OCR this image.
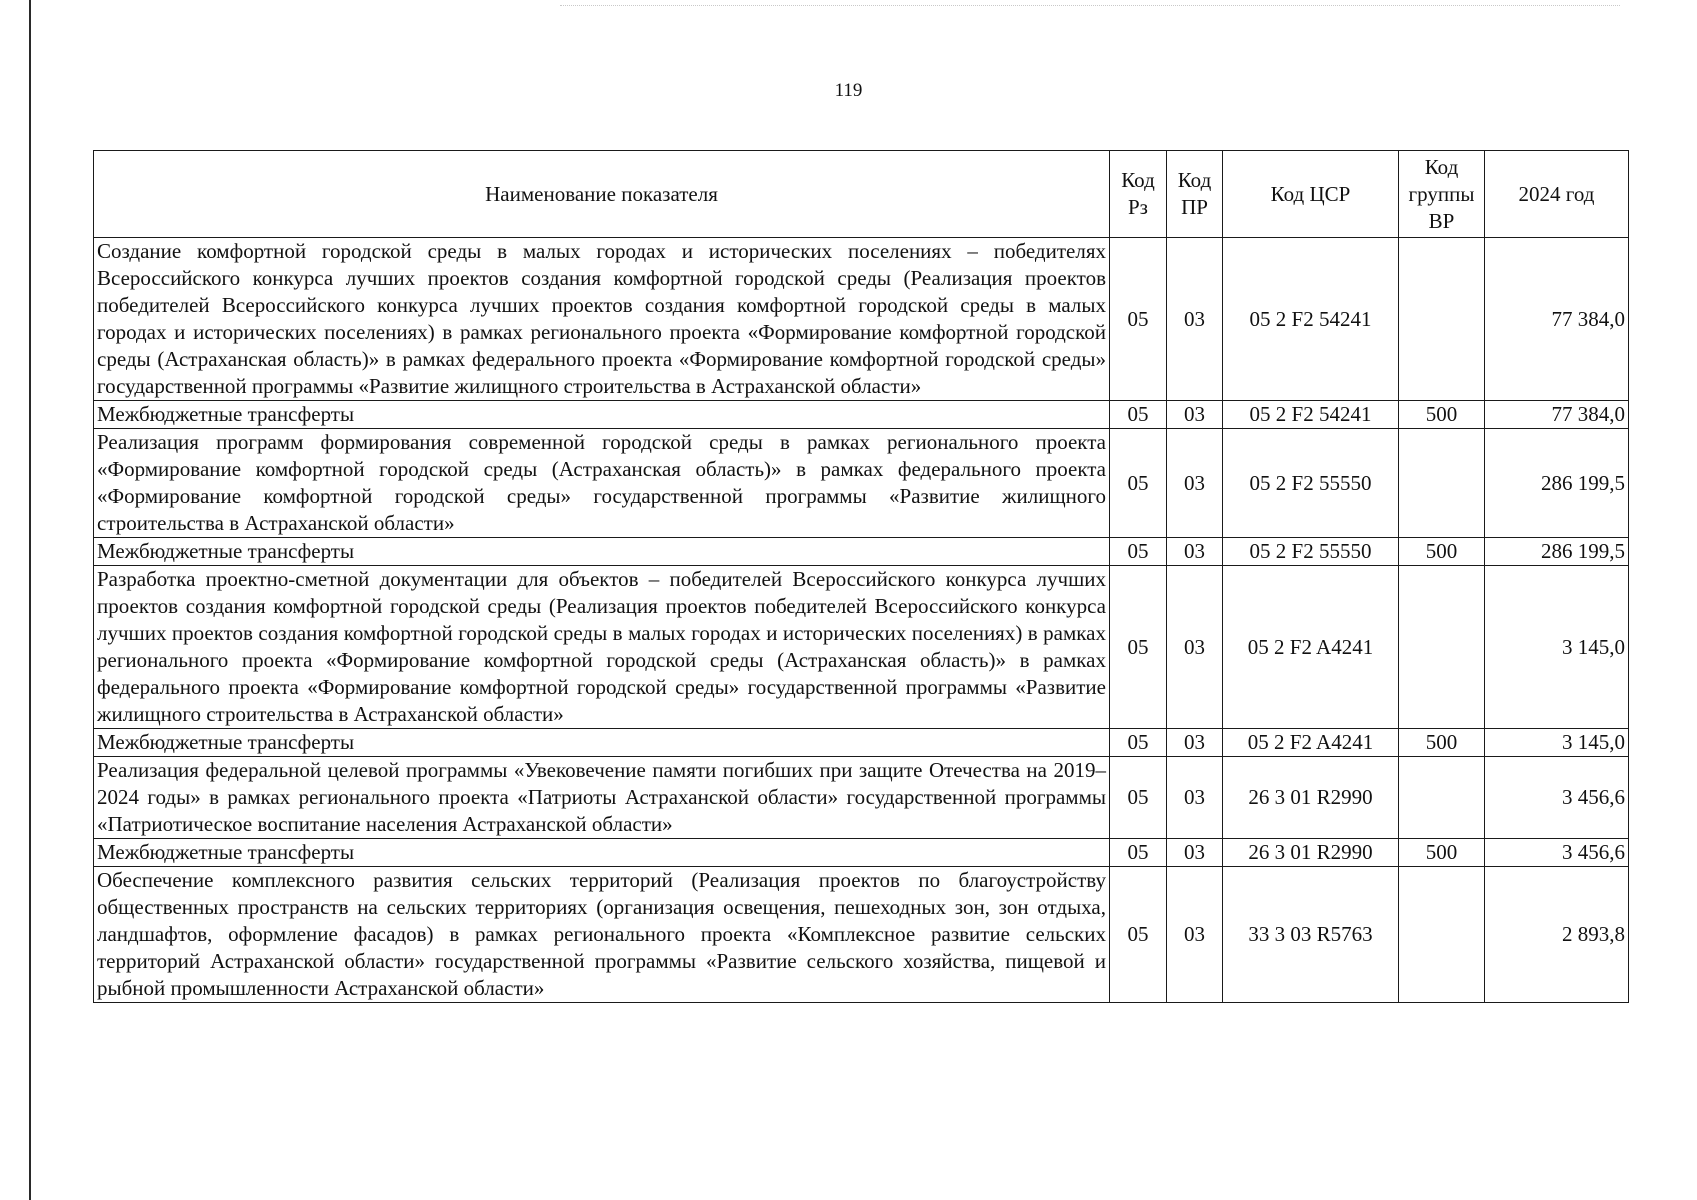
119
Наименование показателя	Код Рз	Код ПР	Код ЦСР	Код группы ВР	2024 год
Создание комфортной городской среды в малых городах и исторических поселениях – победителях Всероссийского конкурса лучших проектов создания комфортной городской среды (Реализация проектов победителей Всероссийского конкурса лучших проектов создания комфортной городской среды в малых городах и исторических поселениях) в рамках регионального проекта «Формирование комфортной городской среды (Астраханская область)» в рамках федерального проекта «Формирование комфортной городской среды» государственной программы «Развитие жилищного строительства в Астраханской области»	05	03	05 2 F2 54241		77 384,0
Межбюджетные трансферты	05	03	05 2 F2 54241	500	77 384,0
Реализация программ формирования современной городской среды в рамках регионального проекта «Формирование комфортной городской среды (Астраханская область)» в рамках федерального проекта «Формирование комфортной городской среды» государственной программы «Развитие жилищного строительства в Астраханской области»	05	03	05 2 F2 55550		286 199,5
Межбюджетные трансферты	05	03	05 2 F2 55550	500	286 199,5
Разработка проектно-сметной документации для объектов – победителей Всероссийского конкурса лучших проектов создания комфортной городской среды (Реализация проектов победителей Всероссийского конкурса лучших проектов создания комфортной городской среды в малых городах и исторических поселениях) в рамках регионального проекта «Формирование комфортной городской среды (Астраханская область)» в рамках федерального проекта «Формирование комфортной городской среды» государственной программы «Развитие жилищного строительства в Астраханской области»	05	03	05 2 F2 A4241		3 145,0
Межбюджетные трансферты	05	03	05 2 F2 A4241	500	3 145,0
Реализация федеральной целевой программы «Увековечение памяти погибших при защите Отечества на 2019–2024 годы» в рамках регионального проекта «Патриоты Астраханской области» государственной программы «Патриотическое воспитание населения Астраханской области»	05	03	26 3 01 R2990		3 456,6
Межбюджетные трансферты	05	03	26 3 01 R2990	500	3 456,6
Обеспечение комплексного развития сельских территорий (Реализация проектов по благоустройству общественных пространств на сельских территориях (организация освещения, пешеходных зон, зон отдыха, ландшафтов, оформление фасадов) в рамках регионального проекта «Комплексное развитие сельских территорий Астраханской области» государственной программы «Развитие сельского хозяйства, пищевой и рыбной промышленности Астраханской области»	05	03	33 3 03 R5763		2 893,8
